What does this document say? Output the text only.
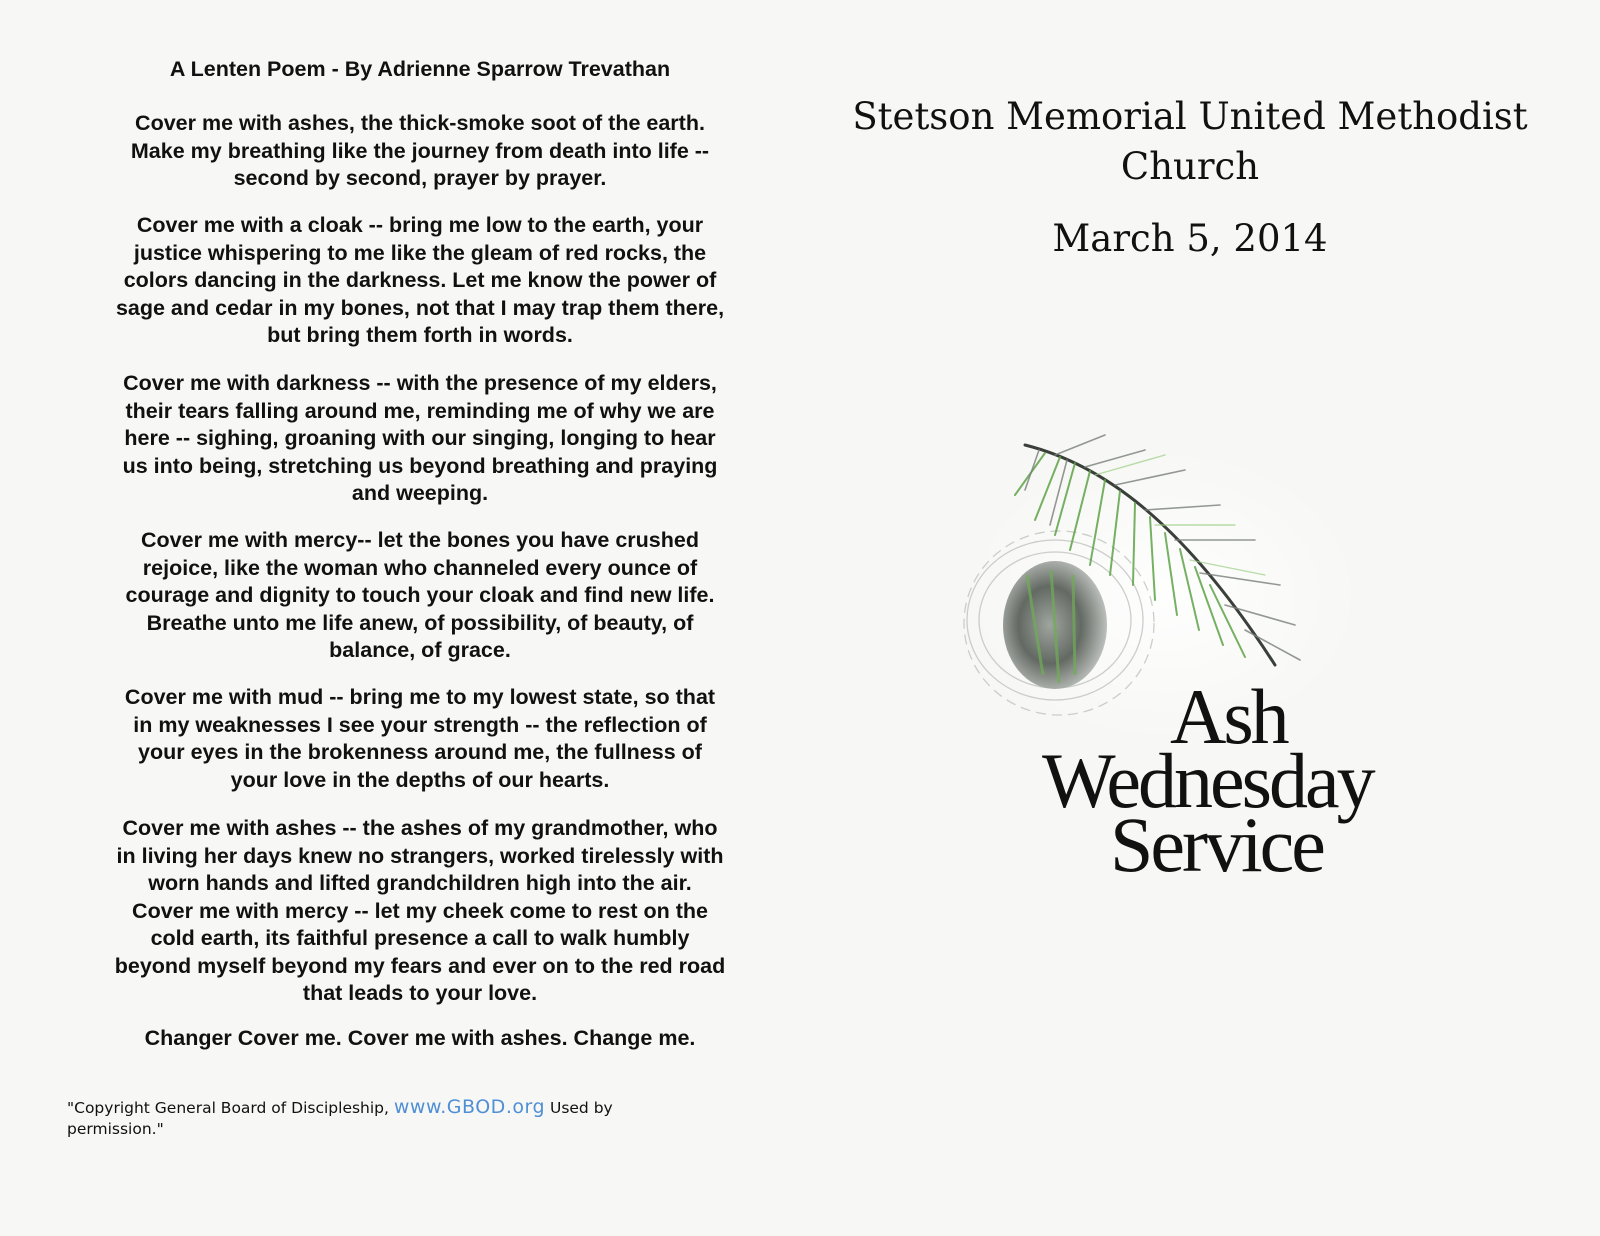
A Lenten Poem - By Adrienne Sparrow Trevathan

Cover me with ashes, the thick-smoke soot of the earth.
Make my breathing like the journey from death into life --
second by second, prayer by prayer.

Cover me with a cloak -- bring me low to the earth, your
justice whispering to me like the gleam of red rocks, the
colors dancing in the darkness. Let me know the power of
sage and cedar in my bones, not that I may trap them there,
but bring them forth in words.

Cover me with darkness -- with the presence of my elders,
their tears falling around me, reminding me of why we are
here -- sighing, groaning with our singing, longing to hear
us into being, stretching us beyond breathing and praying
and weeping.

Cover me with mercy-- let the bones you have crushed
rejoice, like the woman who channeled every ounce of
courage and dignity to touch your cloak and find new life.
Breathe unto me life anew, of possibility, of beauty, of
balance, of grace.

Cover me with mud -- bring me to my lowest state, so that
in my weaknesses I see your strength -- the reflection of
your eyes in the brokenness around me, the fullness of
your love in the depths of our hearts.

Cover me with ashes -- the ashes of my grandmother, who
in living her days knew no strangers, worked tirelessly with
worn hands and lifted grandchildren high into the air.
Cover me with mercy -- let my cheek come to rest on the
cold earth, its faithful presence a call to walk humbly
beyond myself beyond my fears and ever on to the red road
that leads to your love.

Changer Cover me. Cover me with ashes. Change me.

"Copyright General Board of Discipleship, www.GBOD.org Used by
permission."
Stetson Memorial United Methodist
Church
March 5, 2014
Ash
Wednesday
Service
